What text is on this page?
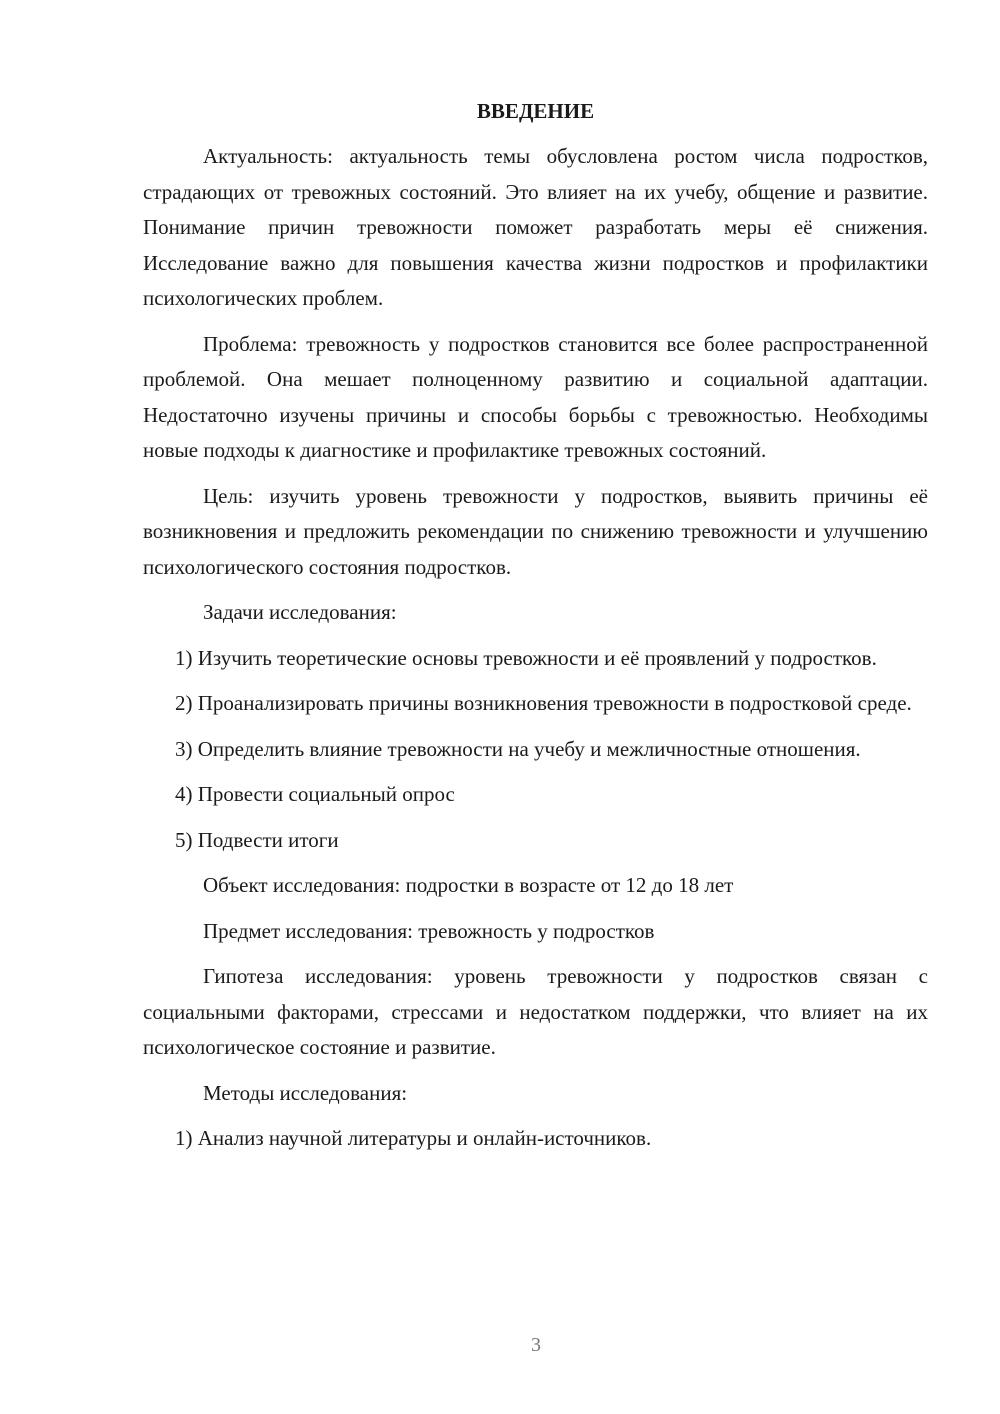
ВВЕДЕНИЕ

Актуальность: актуальность темы обусловлена ростом числа подростков, страдающих от тревожных состояний. Это влияет на их учебу, общение и развитие. Понимание причин тревожности поможет разработать меры её снижения. Исследование важно для повышения качества жизни подростков и профилактики психологических проблем.

Проблема: тревожность у подростков становится все более распространенной проблемой. Она мешает полноценному развитию и социальной адаптации. Недостаточно изучены причины и способы борьбы с тревожностью. Необходимы новые подходы к диагностике и профилактике тревожных состояний.

Цель: изучить уровень тревожности у подростков, выявить причины её возникновения и предложить рекомендации по снижению тревожности и улучшению психологического состояния подростков.

Задачи исследования:

1) Изучить теоретические основы тревожности и её проявлений у подростков.

2) Проанализировать причины возникновения тревожности в подростковой среде.

3) Определить влияние тревожности на учебу и межличностные отношения.

4) Провести социальный опрос
5) Подвести итоги
Объект исследования: подростки в возрасте от 12 до 18 лет
Предмет исследования: тревожность у подростков

Гипотеза исследования: уровень тревожности у подростков связан с социальными факторами, стрессами и недостатком поддержки, что влияет на их психологическое состояние и развитие.

Методы исследования:
1) Анализ научной литературы и онлайн-источников.
3
